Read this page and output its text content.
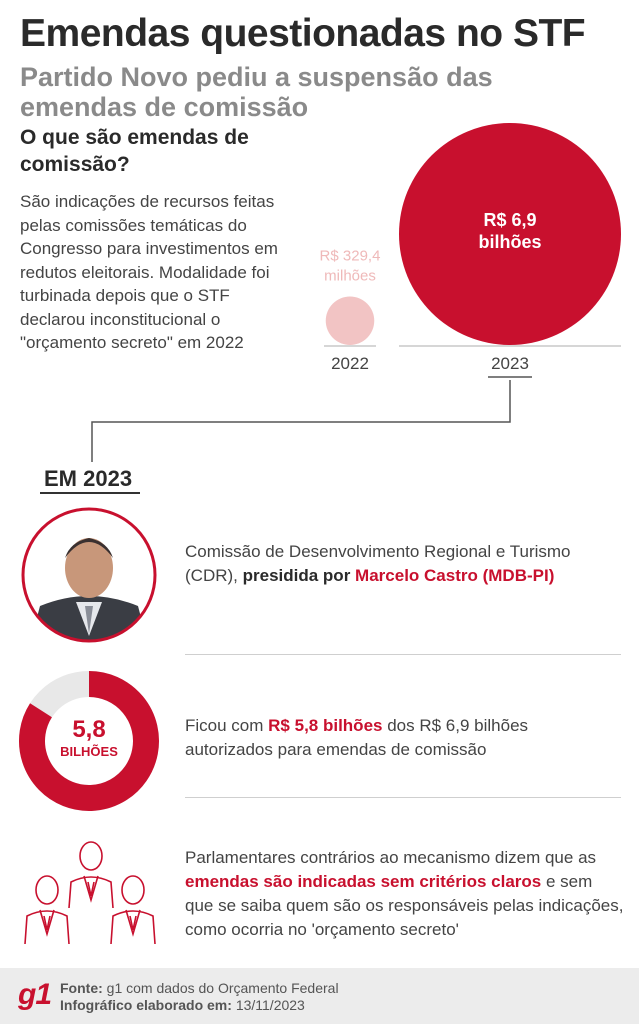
Emendas questionadas no STF
Partido Novo pediu a suspensão das emendas de comissão
O que são emendas de comissão?
São indicações de recursos feitas pelas comissões temáticas do Congresso para investimentos em redutos eleitorais. Modalidade foi turbinada depois que o STF declarou inconstitucional o "orçamento secreto" em 2022
2022
R$ 329,4
milhões
2023
R$ 6,9
bilhões
EM 2023
Comissão de Desenvolvimento Regional e Turismo (CDR), presidida por Marcelo Castro (MDB-PI)
5,8
BILHÕES
Ficou com R$ 5,8 bilhões dos R$ 6,9 bilhões autorizados para emendas de comissão
Parlamentares contrários ao mecanismo dizem que as emendas são indicadas sem critérios claros e sem que se saiba quem são os responsáveis pelas indicações, como ocorria no 'orçamento secreto'
g1 Fonte: g1 com dados do Orçamento Federal
Infográfico elaborado em: 13/11/2023
